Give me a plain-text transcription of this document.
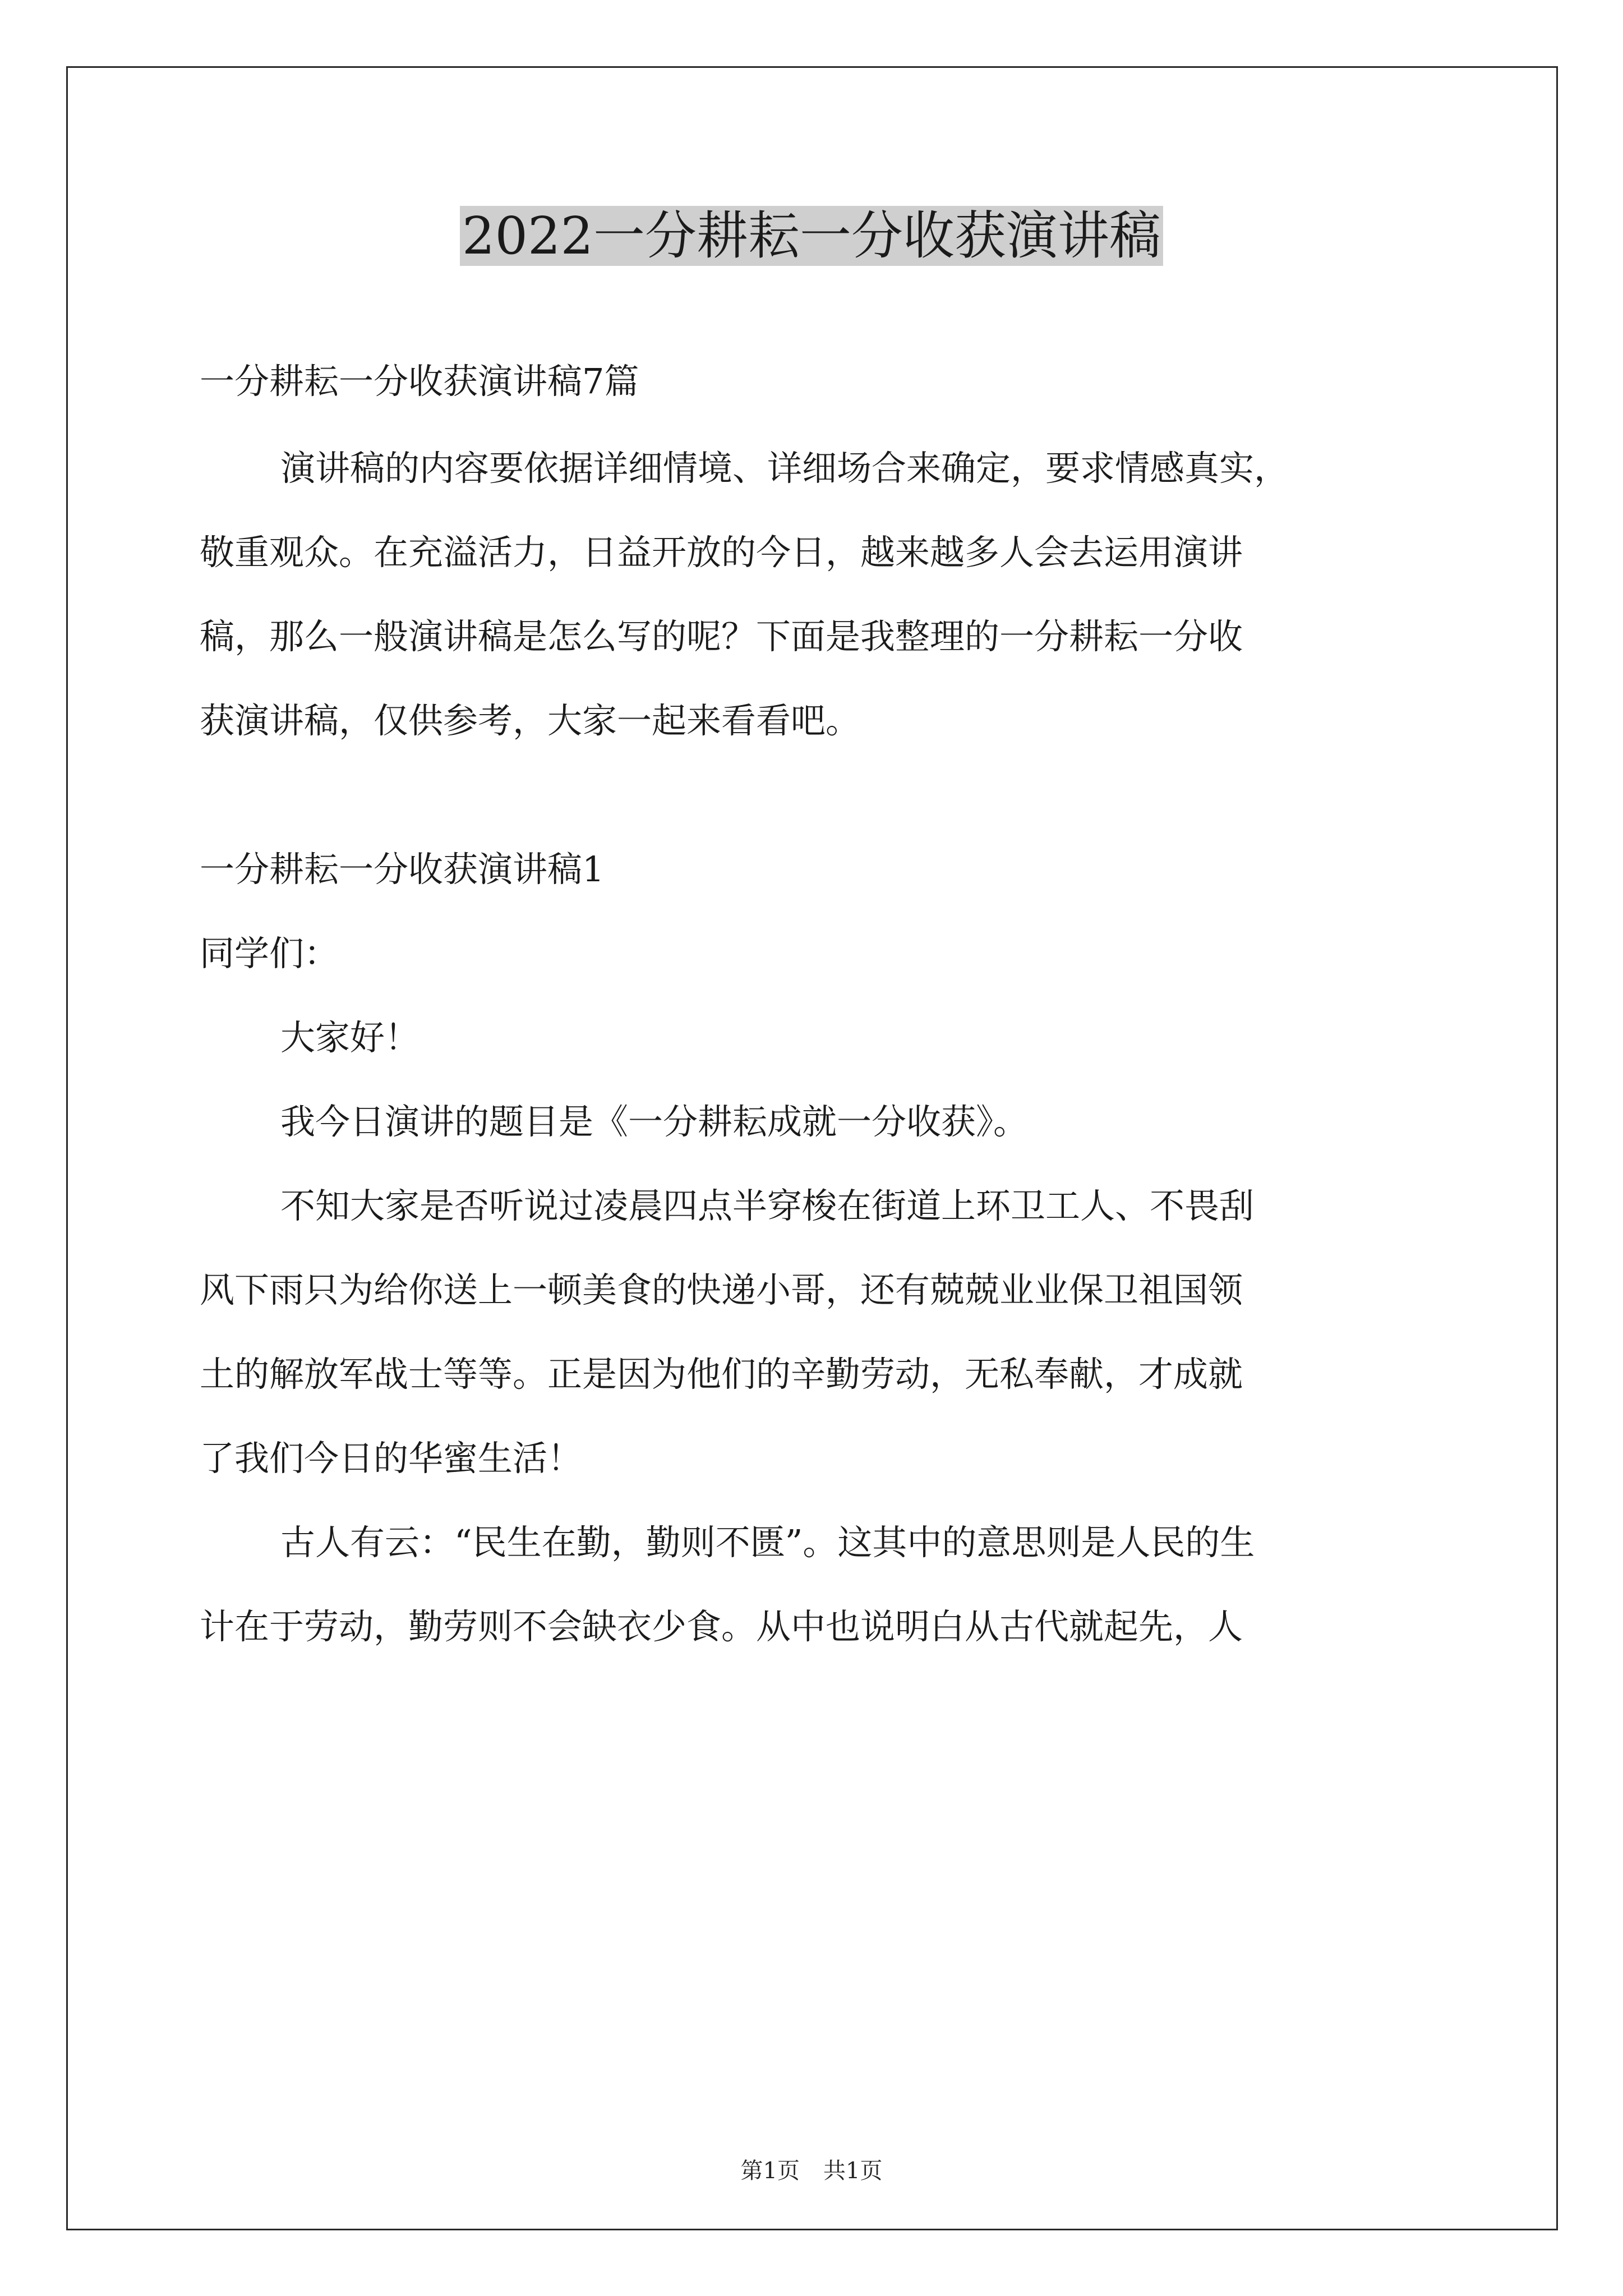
2022一分耕耘一分收获演讲稿
一分耕耘一分收获演讲稿7篇
演讲稿的内容要依据详细情境、详细场合来确定，要求情感真实，
敬重观众。在充溢活力，日益开放的今日，越来越多人会去运用演讲
稿，那么一般演讲稿是怎么写的呢？下面是我整理的一分耕耘一分收
获演讲稿，仅供参考，大家一起来看看吧。
一分耕耘一分收获演讲稿1
同学们：
大家好！
我今日演讲的题目是《一分耕耘成就一分收获》。
不知大家是否听说过凌晨四点半穿梭在街道上环卫工人、不畏刮
风下雨只为给你送上一顿美食的快递小哥，还有兢兢业业保卫祖国领
土的解放军战士等等。正是因为他们的辛勤劳动，无私奉献，才成就
了我们今日的华蜜生活！
古人有云：“民生在勤，勤则不匮”。这其中的意思则是人民的生
计在于劳动，勤劳则不会缺衣少食。从中也说明白从古代就起先，人
第1页 共1页
